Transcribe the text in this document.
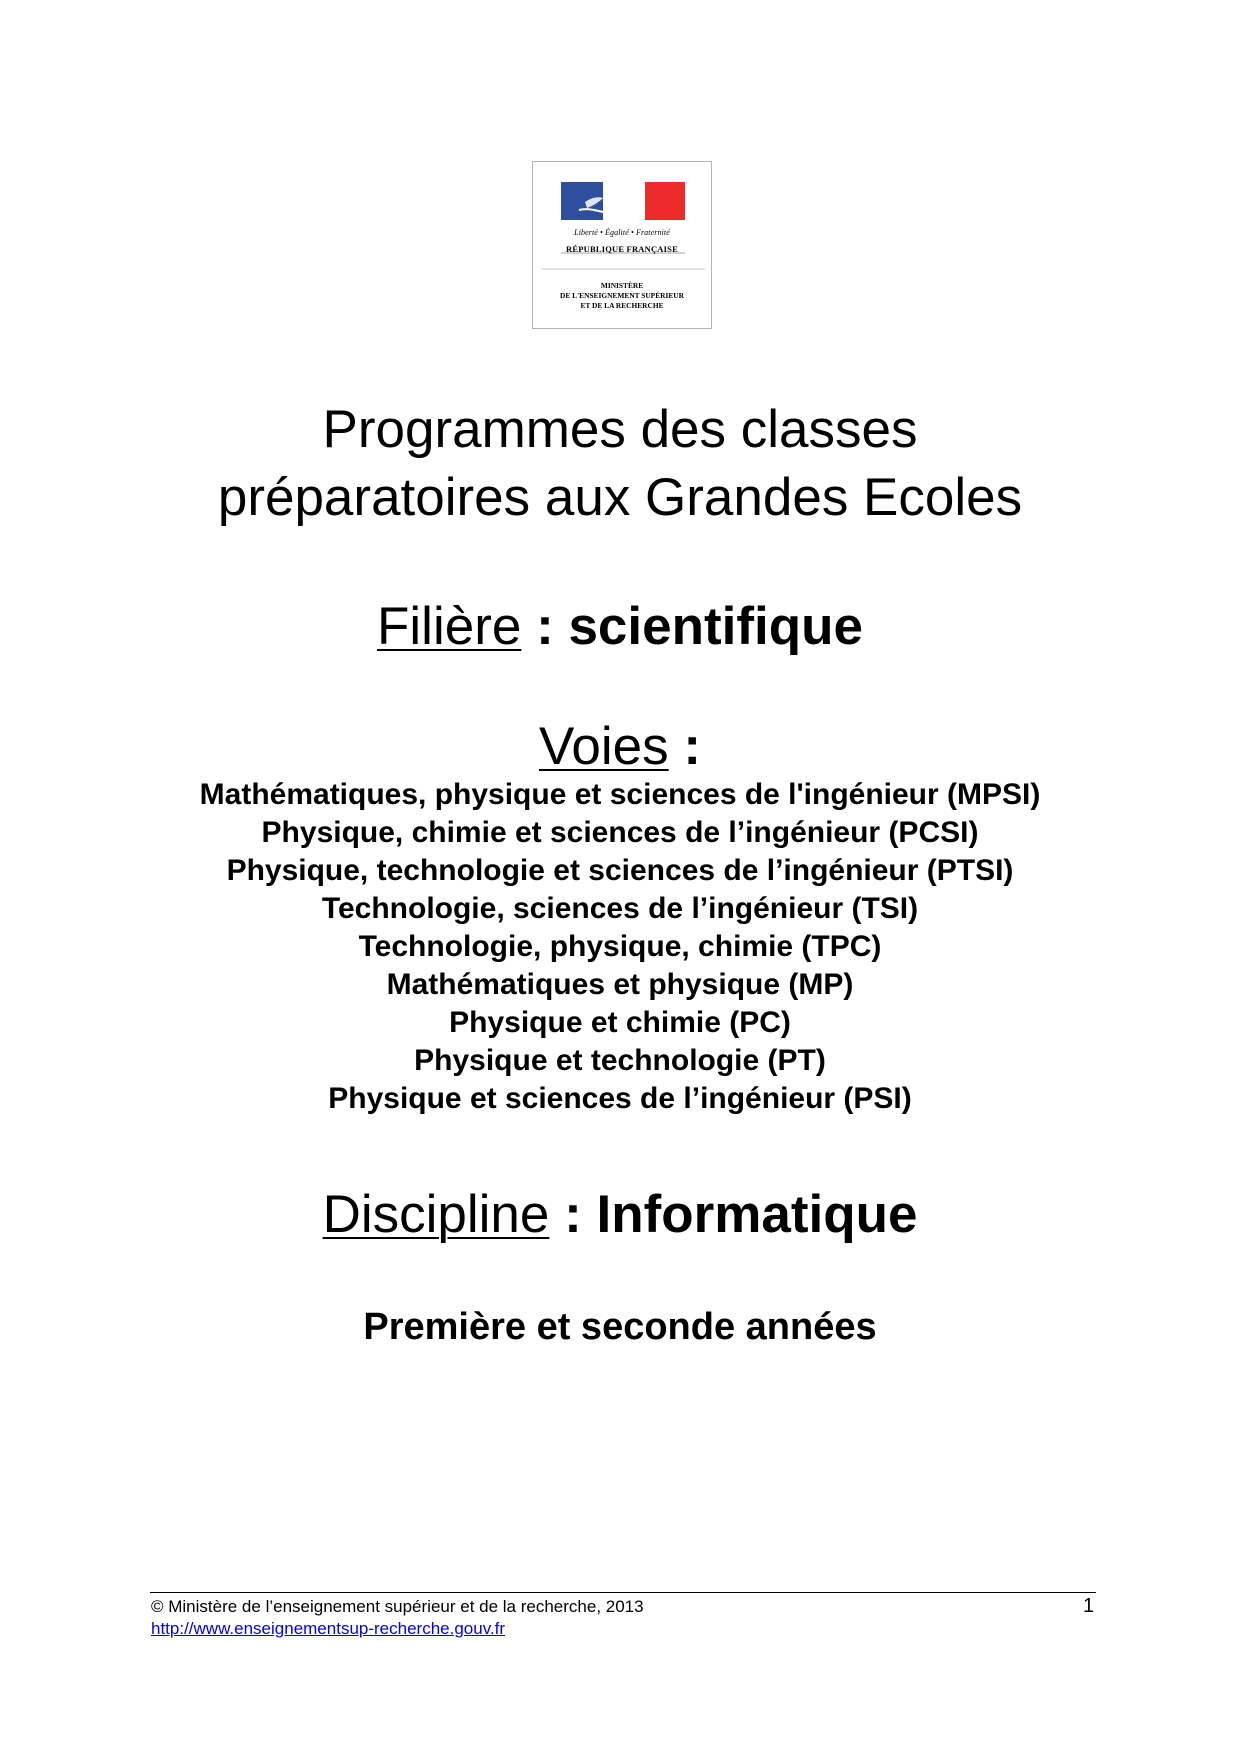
Liberté • Égalité • Fraternité
RÉPUBLIQUE FRANÇAISE
MINISTÈRE
DE L'ENSEIGNEMENT SUPÉRIEUR
ET DE LA RECHERCHE
Programmes des classes
préparatoires aux Grandes Ecoles
Filière : scientifique
Voies :
Mathématiques, physique et sciences de l'ingénieur (MPSI)
Physique, chimie et sciences de l’ingénieur (PCSI)
Physique, technologie et sciences de l’ingénieur (PTSI)
Technologie, sciences de l’ingénieur (TSI)
Technologie, physique, chimie (TPC)
Mathématiques et physique (MP)
Physique et chimie (PC)
Physique et technologie (PT)
Physique et sciences de l’ingénieur (PSI)
Discipline : Informatique
Première et seconde années
© Ministère de l’enseignement supérieur et de la recherche, 2013
http://www.enseignementsup-recherche.gouv.fr
1
